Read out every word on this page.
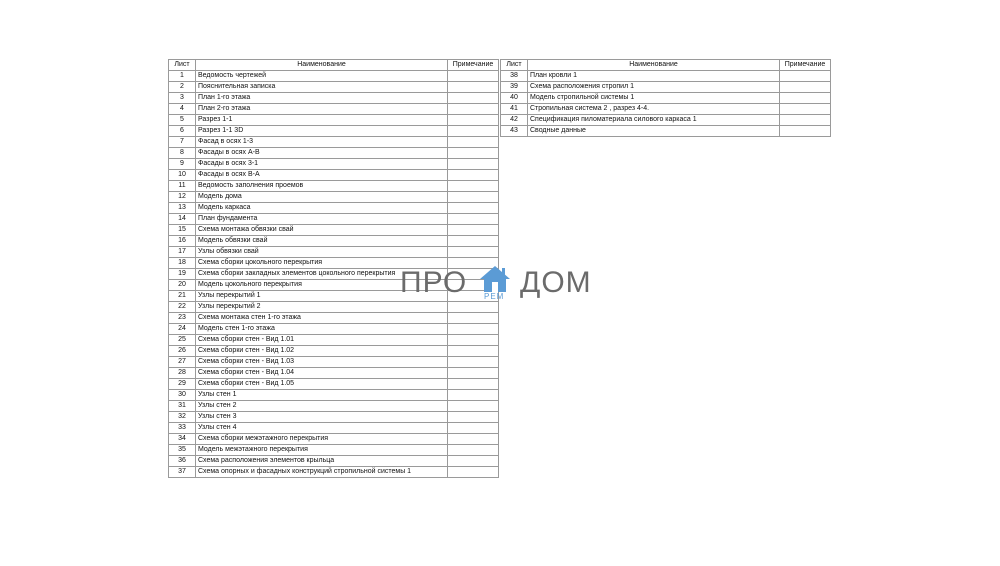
Лист	Наименование	Примечание
1	Ведомость чертежей	
2	Пояснительная записка	
3	План 1-го этажа	
4	План 2-го этажа	
5	Разрез 1-1	
6	Разрез 1-1 3D	
7	Фасад в осях 1-3	
8	Фасады в осях А-В	
9	Фасады в осях 3-1	
10	Фасады в осях В-А	
11	Ведомость заполнения проемов	
12	Модель дома	
13	Модель каркаса	
14	План фундамента	
15	Схема монтажа обвязки свай	
16	Модель обвязки свай	
17	Узлы обвязки свай	
18	Схема сборки цокольного перекрытия	
19	Схема сборки закладных элементов цокольного перекрытия	
20	Модель цокольного перекрытия	
21	Узлы перекрытий 1	
22	Узлы перекрытий 2	
23	Схема монтажа стен 1-го этажа	
24	Модель стен 1-го этажа	
25	Схема сборки стен - Вид 1.01	
26	Схема сборки стен - Вид 1.02	
27	Схема сборки стен - Вид 1.03	
28	Схема сборки стен - Вид 1.04	
29	Схема сборки стен - Вид 1.05	
30	Узлы стен 1	
31	Узлы стен 2	
32	Узлы стен 3	
33	Узлы стен 4	
34	Схема сборки межэтажного перекрытия	
35	Модель межэтажного перекрытия	
36	Схема расположения элементов крыльца	
37	Схема опорных и фасадных конструкций стропильной системы 1	
Лист	Наименование	Примечание
38	План кровли 1	
39	Схема расположения стропил 1	
40	Модель стропильной системы 1	
41	Стропильная система 2 , разрез 4-4.	
42	Спецификация пиломатериала силового каркаса 1	
43	Сводные данные	
ПРО РЕМ ДОМ
